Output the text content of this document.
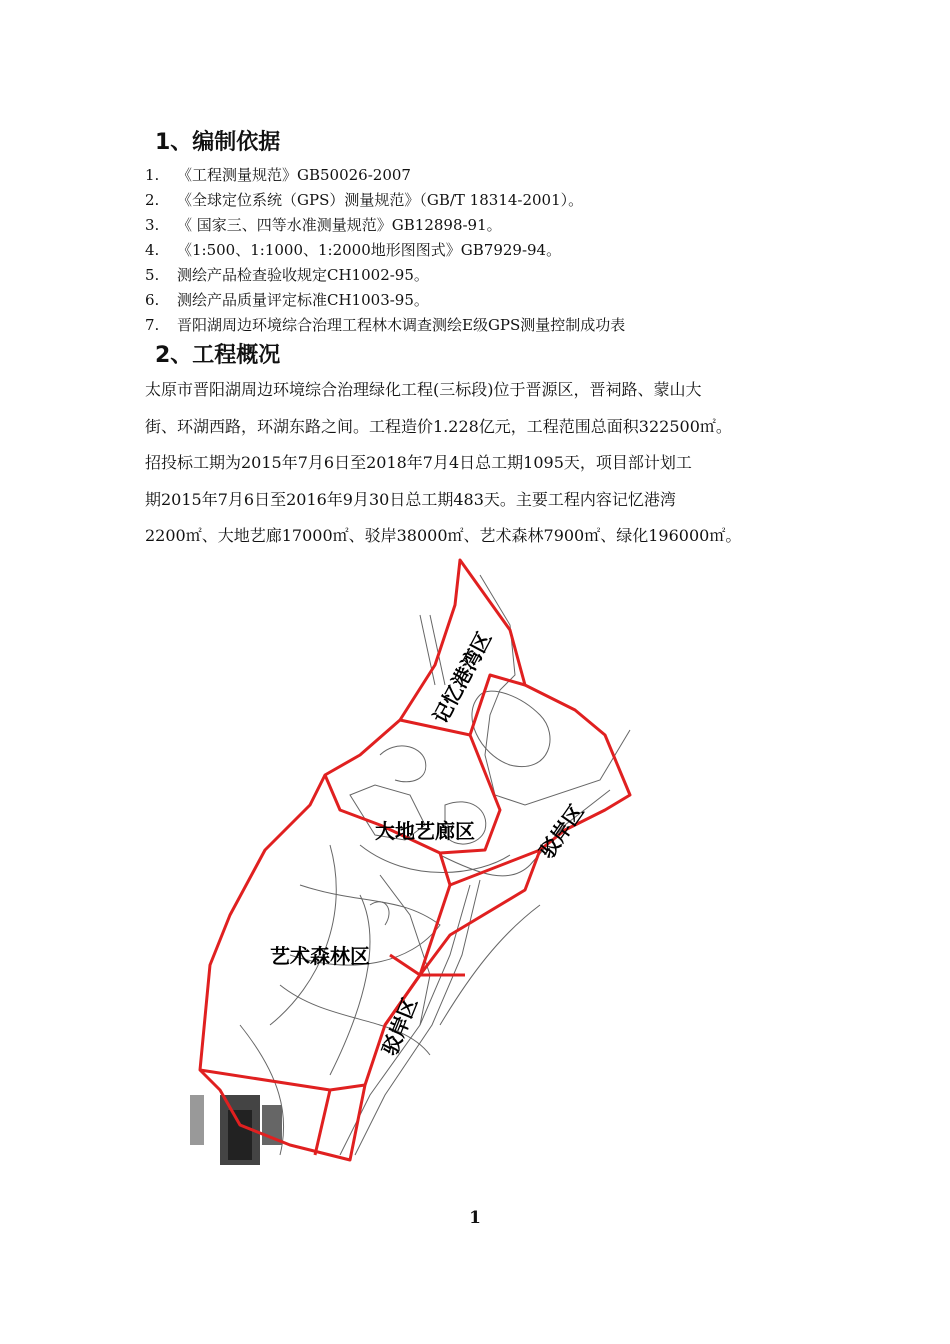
1、编制依据
1. 《工程测量规范》GB50026-2007
2. 《全球定位系统（GPS）测量规范》（GB/T 18314-2001）。
3. 《 国家三、四等水准测量规范》GB12898-91。
4. 《1:500、1:1000、1:2000地形图图式》GB7929-94。
5. 测绘产品检查验收规定CH1002-95。
6. 测绘产品质量评定标准CH1003-95。
7. 晋阳湖周边环境综合治理工程林木调查测绘E级GPS测量控制成功表
2、工程概况

太原市晋阳湖周边环境综合治理绿化工程(三标段)位于晋源区，晋祠路、蒙山大
街、环湖西路，环湖东路之间。工程造价1.228亿元，工程范围总面积322500㎡。
招投标工期为2015年7月6日至2018年7月4日总工期1095天，项目部计划工
期2015年7月6日至2016年9月30日总工期483天。主要工程内容记忆港湾
2200㎡、大地艺廊17000㎡、驳岸38000㎡、艺术森林7900㎡、绿化196000㎡。

记忆港湾区
大地艺廊区	驳岸区
艺术森林区
驳岸区
1
